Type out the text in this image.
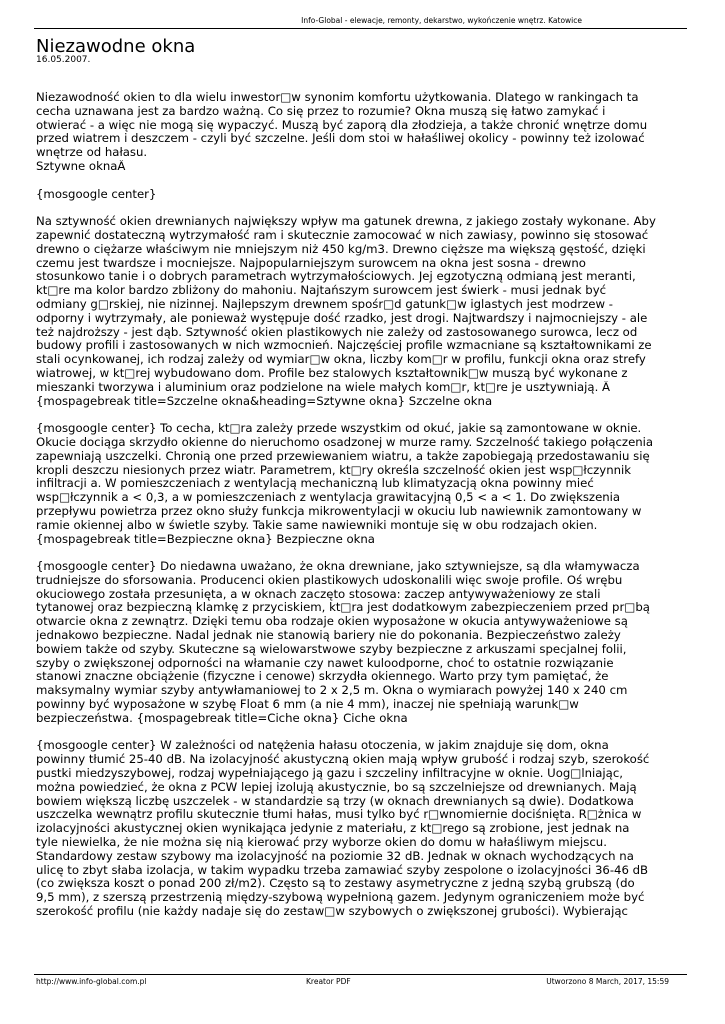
Info-Global - elewacje, remonty, dekarstwo, wykończenie wnętrz. Katowice
Niezawodne okna
16.05.2007.
Niezawodność okien to dla wielu inwestor□w synonim komfortu użytkowania. Dlatego w rankingach ta
cecha uznawana jest za bardzo ważną. Co się przez to rozumie? Okna muszą się łatwo zamykać i
otwierać - a więc nie mogą się wypaczyć. Muszą być zaporą dla złodzieja, a także chronić wnętrze domu
przed wiatrem i deszczem - czyli być szczelne. Jeśli dom stoi w hałaśliwej okolicy - powinny też izolować
wnętrze od hałasu.
Sztywne oknaÂ
{mosgoogle center}
Na sztywność okien drewnianych największy wpływ ma gatunek drewna, z jakiego zostały wykonane. Aby
zapewnić dostateczną wytrzymałość ram i skutecznie zamocować w nich zawiasy, powinno się stosować
drewno o ciężarze właściwym nie mniejszym niż 450 kg/m3. Drewno cięższe ma większą gęstość, dzięki
czemu jest twardsze i mocniejsze. Najpopularniejszym surowcem na okna jest sosna - drewno
stosunkowo tanie i o dobrych parametrach wytrzymałościowych. Jej egzotyczną odmianą jest meranti,
kt□re ma kolor bardzo zbliżony do mahoniu. Najtańszym surowcem jest świerk - musi jednak być
odmiany g□rskiej, nie nizinnej. Najlepszym drewnem spośr□d gatunk□w iglastych jest modrzew -
odporny i wytrzymały, ale ponieważ występuje dość rzadko, jest drogi. Najtwardszy i najmocniejszy - ale
też najdroższy - jest dąb. Sztywność okien plastikowych nie zależy od zastosowanego surowca, lecz od
budowy profili i zastosowanych w nich wzmocnień. Najczęściej profile wzmacniane są kształtownikami ze
stali ocynkowanej, ich rodzaj zależy od wymiar□w okna, liczby kom□r w profilu, funkcji okna oraz strefy
wiatrowej, w kt□rej wybudowano dom. Profile bez stalowych kształtownik□w muszą być wykonane z
mieszanki tworzywa i aluminium oraz podzielone na wiele małych kom□r, kt□re je usztywniają. Â
{mospagebreak title=Szczelne okna&heading=Sztywne okna} Szczelne okna
{mosgoogle center} To cecha, kt□ra zależy przede wszystkim od okuć, jakie są zamontowane w oknie.
Okucie dociąga skrzydło okienne do nieruchomo osadzonej w murze ramy. Szczelność takiego połączenia
zapewniają uszczelki. Chronią one przed przewiewaniem wiatru, a także zapobiegają przedostawaniu się
kropli deszczu niesionych przez wiatr. Parametrem, kt□ry określa szczelność okien jest wsp□łczynnik
infiltracji a. W pomieszczeniach z wentylacją mechaniczną lub klimatyzacją okna powinny mieć
wsp□łczynnik a < 0,3, a w pomieszczeniach z wentylacja grawitacyjną 0,5 < a < 1. Do zwiększenia
przepływu powietrza przez okno służy funkcja mikrowentylacji w okuciu lub nawiewnik zamontowany w
ramie okiennej albo w świetle szyby. Takie same nawiewniki montuje się w obu rodzajach okien.
{mospagebreak title=Bezpieczne okna} Bezpieczne okna
{mosgoogle center} Do niedawna uważano, że okna drewniane, jako sztywniejsze, są dla włamywacza
trudniejsze do sforsowania. Producenci okien plastikowych udoskonalili więc swoje profile. Oś wrębu
okuciowego została przesunięta, a w oknach zaczęto stosowa: zaczep antywyważeniowy ze stali
tytanowej oraz bezpieczną klamkę z przyciskiem, kt□ra jest dodatkowym zabezpieczeniem przed pr□bą
otwarcie okna z zewnątrz. Dzięki temu oba rodzaje okien wyposażone w okucia antywyważeniowe są
jednakowo bezpieczne. Nadal jednak nie stanowią bariery nie do pokonania. Bezpieczeństwo zależy
bowiem także od szyby. Skuteczne są wielowarstwowe szyby bezpieczne z arkuszami specjalnej folii,
szyby o zwiększonej odporności na włamanie czy nawet kuloodporne, choć to ostatnie rozwiązanie
stanowi znaczne obciążenie (fizyczne i cenowe) skrzydła okiennego. Warto przy tym pamiętać, że
maksymalny wymiar szyby antywłamaniowej to 2 x 2,5 m. Okna o wymiarach powyżej 140 x 240 cm
powinny być wyposażone w szybę Float 6 mm (a nie 4 mm), inaczej nie spełniają warunk□w
bezpieczeństwa. {mospagebreak title=Ciche okna} Ciche okna
{mosgoogle center} W zależności od natężenia hałasu otoczenia, w jakim znajduje się dom, okna
powinny tłumić 25-40 dB. Na izolacyjność akustyczną okien mają wpływ grubość i rodzaj szyb, szerokość
pustki miedzyszybowej, rodzaj wypełniającego ją gazu i szczeliny infiltracyjne w oknie. Uog□lniając,
można powiedzieć, że okna z PCW lepiej izolują akustycznie, bo są szczelniejsze od drewnianych. Mają
bowiem większą liczbę uszczelek - w standardzie są trzy (w oknach drewnianych są dwie). Dodatkowa
uszczelka wewnątrz profilu skutecznie tłumi hałas, musi tylko być r□wnomiernie dociśnięta. R□żnica w
izolacyjności akustycznej okien wynikająca jedynie z materiału, z kt□rego są zrobione, jest jednak na
tyle niewielka, że nie można się nią kierować przy wyborze okien do domu w hałaśliwym miejscu.
Standardowy zestaw szybowy ma izolacyjność na poziomie 32 dB. Jednak w oknach wychodzących na
ulicę to zbyt słaba izolacja, w takim wypadku trzeba zamawiać szyby zespolone o izolacyjności 36-46 dB
(co zwiększa koszt o ponad 200 zł/m2). Często są to zestawy asymetryczne z jedną szybą grubszą (do
9,5 mm), z szerszą przestrzenią między-szybową wypełnioną gazem. Jedynym ograniczeniem może być
szerokość profilu (nie każdy nadaje się do zestaw□w szybowych o zwiększonej grubości). Wybierając
http://www.info-global.com.pl	Kreator PDF	Utworzono 8 March, 2017, 15:59
